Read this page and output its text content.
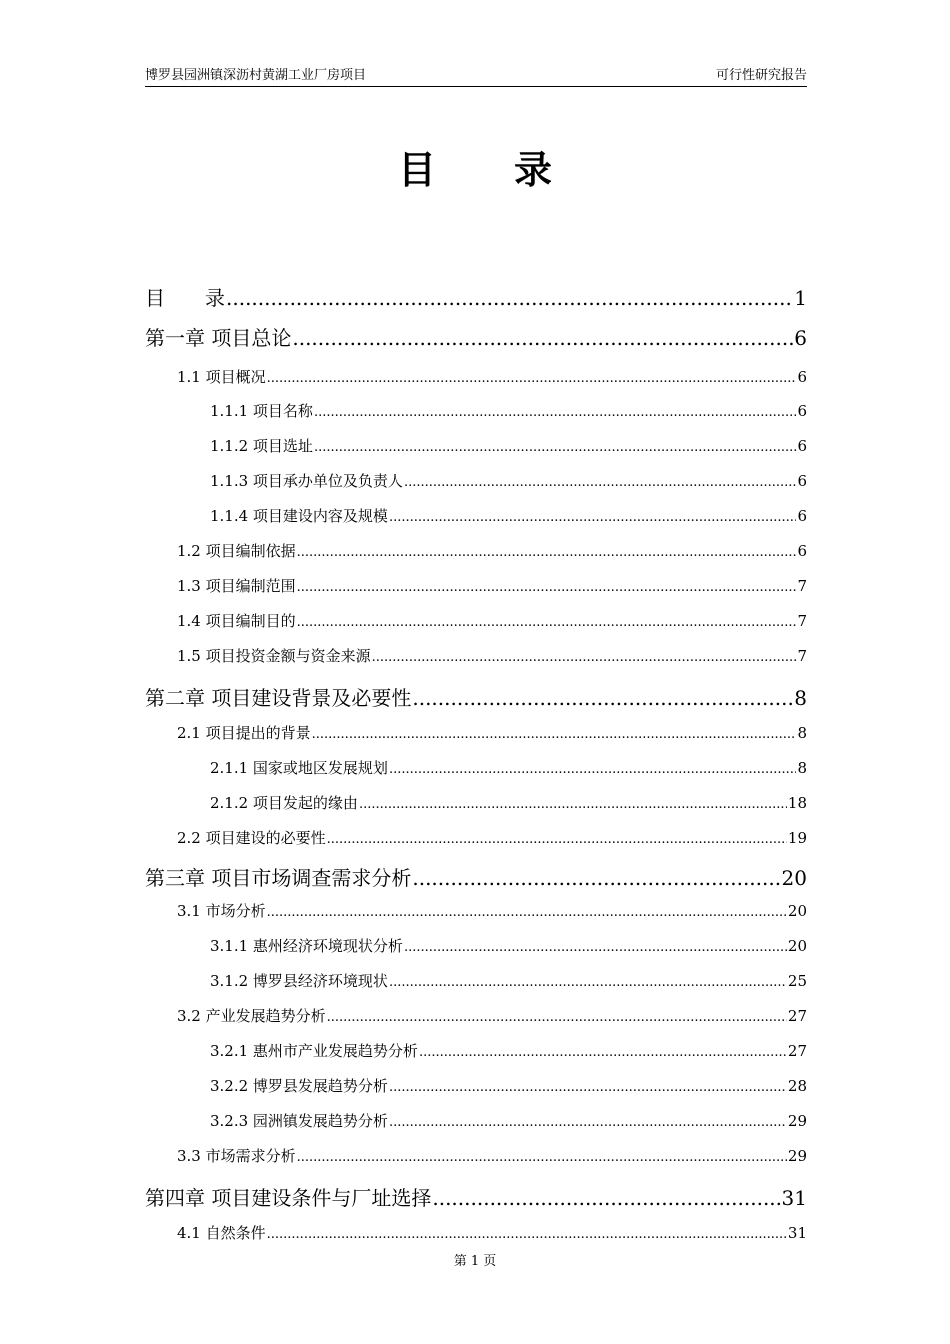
博罗县园洲镇深沥村黄湖工业厂房项目	可行性研究报告
目 录
目　　录 .....	1
第一章 项目总论 .....	6
1.1 项目概况 .....	6
1.1.1 项目名称 .....	6
1.1.2 项目选址 .....	6
1.1.3 项目承办单位及负责人 .....	6
1.1.4 项目建设内容及规模 .....	6
1.2 项目编制依据 .....	6
1.3 项目编制范围 .....	7
1.4 项目编制目的 .....	7
1.5 项目投资金额与资金来源 .....	7
第二章 项目建设背景及必要性 .....	8
2.1 项目提出的背景 .....	8
2.1.1 国家或地区发展规划 .....	8
2.1.2 项目发起的缘由 .....	18
2.2 项目建设的必要性 .....	19
第三章 项目市场调查需求分析 .....	20
3.1 市场分析 .....	20
3.1.1 惠州经济环境现状分析 .....	20
3.1.2 博罗县经济环境现状 .....	25
3.2 产业发展趋势分析 .....	27
3.2.1 惠州市产业发展趋势分析 .....	27
3.2.2 博罗县发展趋势分析 .....	28
3.2.3 园洲镇发展趋势分析 .....	29
3.3 市场需求分析 .....	29
第四章 项目建设条件与厂址选择 .....	31
4.1 自然条件 .....	31
第 1 页
